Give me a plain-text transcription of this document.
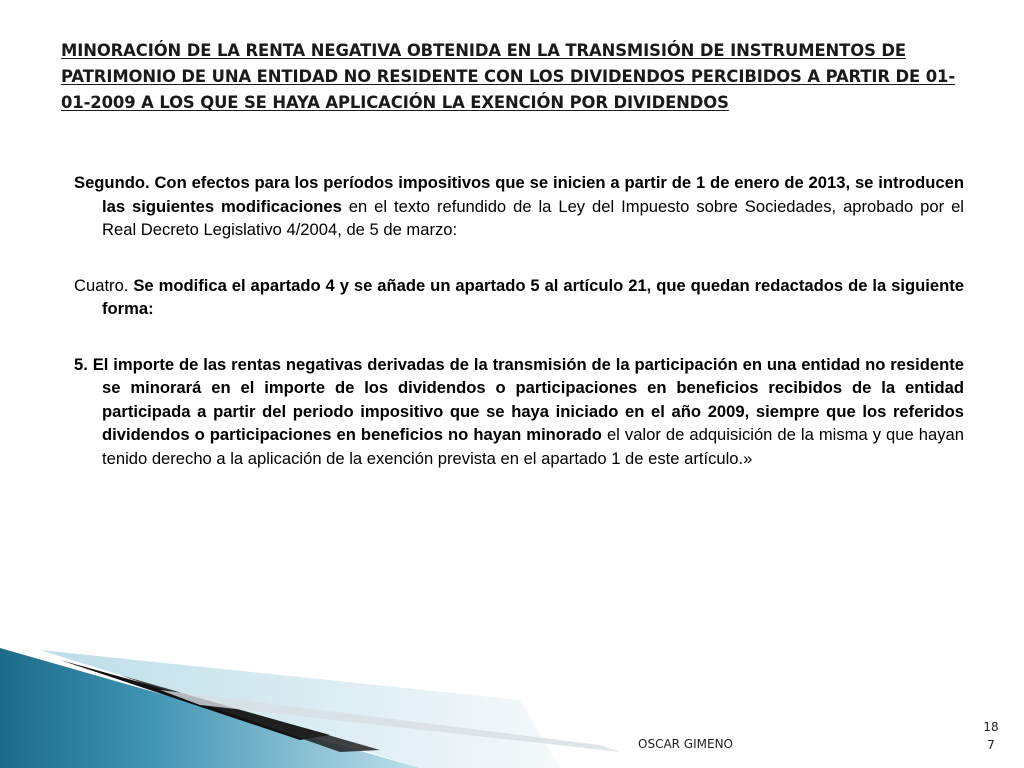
MINORACIÓN DE LA RENTA NEGATIVA OBTENIDA EN LA TRANSMISIÓN DE INSTRUMENTOS DE PATRIMONIO DE UNA ENTIDAD NO RESIDENTE CON LOS DIVIDENDOS PERCIBIDOS A PARTIR DE 01-01-2009 A LOS QUE SE HAYA APLICACIÓN LA EXENCIÓN POR DIVIDENDOS

Segundo. Con efectos para los períodos impositivos que se inicien a partir de 1 de enero de 2013, se introducen las siguientes modificaciones en el texto refundido de la Ley del Impuesto sobre Sociedades, aprobado por el Real Decreto Legislativo 4/2004, de 5 de marzo:

Cuatro. Se modifica el apartado 4 y se añade un apartado 5 al artículo 21, que quedan redactados de la siguiente forma:

5. El importe de las rentas negativas derivadas de la transmisión de la participación en una entidad no residente se minorará en el importe de los dividendos o participaciones en beneficios recibidos de la entidad participada a partir del periodo impositivo que se haya iniciado en el año 2009, siempre que los referidos dividendos o participaciones en beneficios no hayan minorado el valor de adquisición de la misma y que hayan tenido derecho a la aplicación de la exención prevista en el apartado 1 de este artículo.»

OSCAR GIMENO
18
7
